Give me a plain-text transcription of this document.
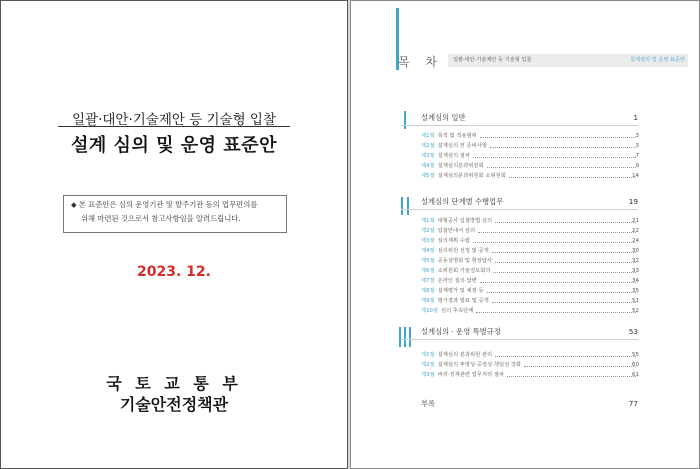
일괄·대안·기술제안 등 기술형 입찰
설계 심의 및 운영 표준안
◆ 본 표준안은 심의 운영기관 및 발주기관 등의 업무편의를
위해 마련된 것으로서 참고사항임을 알려드립니다.
2023. 12.
국 토 교 통 부
기술안전정책관
목 차 일괄·대안·기술제안 등 기술형 입찰	설계심의 및 운영 표준안
설계심의 일반	1
제1절 목적 및 적용범위	3
제2절 설계심의 전 준비사항	3
제3절 설계심의 절차	7
제4절 설계심의분과위원회	9
제5절 설계심의분과위원회 소위원회	14
설계심의 단계별 수행업무	19
제1절 대형공사 입찰방법 심의	21
제2절 입찰안내서 심의	22
제3절 심의계획 수립	24
제4절 심의위원 선정 및 공개	30
제5절 공동설명회 및 현장답사	32
제6절 소위원회 기술검토회의	33
제7절 온라인 질의·답변	34
제8절 설계평가 및 채점 등	35
제9절 평가결과 발표 및 공개	51
제10절 심의 후속단계	52
설계심의 · 운영 특별규정	53
제1절 설계심의 분과위원 관리	55
제2절 설계심의 투명성·공정성·책임성 강화	60
제3절 비리·징계관련 업무처리 절차	61
부록	77
